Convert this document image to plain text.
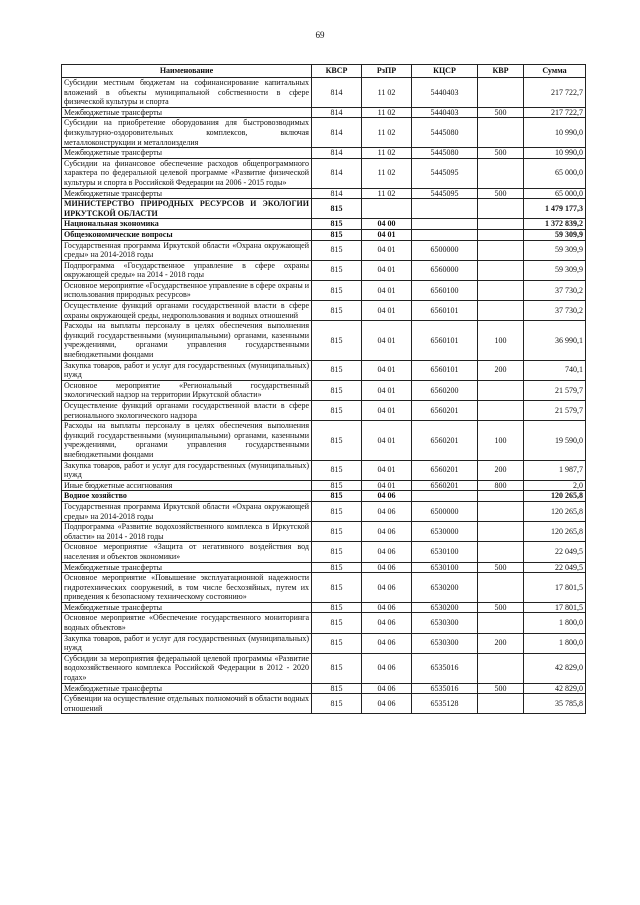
69
Наименование	КВСР	РзПР	КЦСР	КВР	Сумма
Субсидии местным бюджетам на софинансирование капитальных вложений в объекты муниципальной собственности в сфере физической культуры и спорта	814	11 02	5440403		217 722,7
Межбюджетные трансферты	814	11 02	5440403	500	217 722,7
Субсидии на приобретение оборудования для быстровозводимых физкультурно-оздоровительных комплексов, включая металлоконструкции и металлоизделия	814	11 02	5445080		10 990,0
Межбюджетные трансферты	814	11 02	5445080	500	10 990,0
Субсидии на финансовое обеспечение расходов общепрограммного характера по федеральной целевой программе «Развитие физической культуры и спорта в Российской Федерации на 2006 - 2015 годы»	814	11 02	5445095		65 000,0
Межбюджетные трансферты	814	11 02	5445095	500	65 000,0
МИНИСТЕРСТВО ПРИРОДНЫХ РЕСУРСОВ И ЭКОЛОГИИ ИРКУТСКОЙ ОБЛАСТИ	815				1 479 177,3
Национальная экономика	815	04 00			1 372 839,2
Общеэкономические вопросы	815	04 01			59 309,9
Государственная программа Иркутской области «Охрана окружающей среды» на 2014-2018 годы	815	04 01	6500000		59 309,9
Подпрограмма «Государственное управление в сфере охраны окружающей среды» на 2014 - 2018 годы	815	04 01	6560000		59 309,9
Основное мероприятие «Государственное управление в сфере охраны и использования природных ресурсов»	815	04 01	6560100		37 730,2
Осуществление функций органами государственной власти в сфере охраны окружающей среды, недропользования и водных отношений	815	04 01	6560101		37 730,2
Расходы на выплаты персоналу в целях обеспечения выполнения функций государственными (муниципальными) органами, казенными учреждениями, органами управления государственными внебюджетными фондами	815	04 01	6560101	100	36 990,1
Закупка товаров, работ и услуг для государственных (муниципальных) нужд	815	04 01	6560101	200	740,1
Основное мероприятие «Региональный государственный экологический надзор на территории Иркутской области»	815	04 01	6560200		21 579,7
Осуществление функций органами государственной власти в сфере регионального экологического надзора	815	04 01	6560201		21 579,7
Расходы на выплаты персоналу в целях обеспечения выполнения функций государственными (муниципальными) органами, казенными учреждениями, органами управления государственными внебюджетными фондами	815	04 01	6560201	100	19 590,0
Закупка товаров, работ и услуг для государственных (муниципальных) нужд	815	04 01	6560201	200	1 987,7
Иные бюджетные ассигнования	815	04 01	6560201	800	2,0
Водное хозяйство	815	04 06			120 265,8
Государственная программа Иркутской области «Охрана окружающей среды» на 2014-2018 годы	815	04 06	6500000		120 265,8
Подпрограмма «Развитие водохозяйственного комплекса в Иркутской области» на 2014 - 2018 годы	815	04 06	6530000		120 265,8
Основное мероприятие «Защита от негативного воздействия вод населения и объектов экономики»	815	04 06	6530100		22 049,5
Межбюджетные трансферты	815	04 06	6530100	500	22 049,5
Основное мероприятие «Повышение эксплуатационной надежности гидротехнических сооружений, в том числе бесхозяйных, путем их приведения к безопасному техническому состоянию»	815	04 06	6530200		17 801,5
Межбюджетные трансферты	815	04 06	6530200	500	17 801,5
Основное мероприятие «Обеспечение государственного мониторинга водных объектов»	815	04 06	6530300		1 800,0
Закупка товаров, работ и услуг для государственных (муниципальных) нужд	815	04 06	6530300	200	1 800,0
Субсидии за мероприятия федеральной целевой программы «Развитие водохозяйственного комплекса Российской Федерации в 2012 - 2020 годах»	815	04 06	6535016		42 829,0
Межбюджетные трансферты	815	04 06	6535016	500	42 829,0
Субвенции на осуществление отдельных полномочий в области водных отношений	815	04 06	6535128		35 785,8
